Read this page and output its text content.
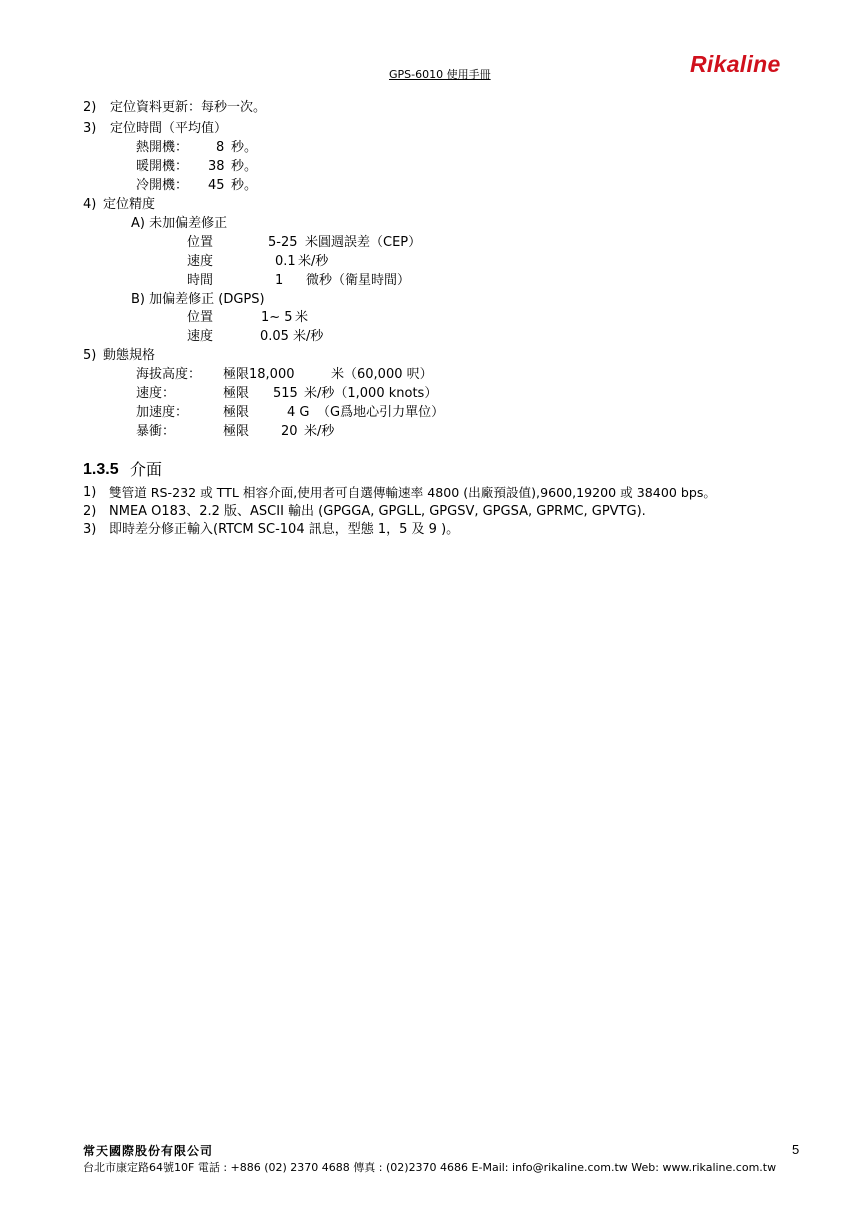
GPS-6010 使用手冊	Rikaline
2) 定位資料更新：每秒一次。
3) 定位時間（平均值）
熱開機： 8 秒。
暖開機： 38 秒。
冷開機： 45 秒。
4) 定位精度
A) 未加偏差修正
位置	5-25 米圓週誤差（CEP）
速度	0.1 米/秒
時間	1 微秒（衛星時間）
B) 加偏差修正 (DGPS)
位置	1~ 5 米
速度	0.05 米/秒
5) 動態規格
海拔高度： 極限18,000	米（60,000 呎）
速度：	極限 515 米/秒（1,000 knots）
加速度：	極限	4 G （G爲地心引力單位）
暴衝：	極限 20 米/秒
1.3.5 介面
1) 雙管道 RS-232 或 TTL 相容介面,使用者可自選傳輸速率 4800 (出廠預設值),9600,19200 或 38400 bps。
2) NMEA O183、2.2 版、ASCII 輸出 (GPGGA, GPGLL, GPGSV, GPGSA, GPRMC, GPVTG).
3) 即時差分修正輸入(RTCM SC-104 訊息，型態 1，5 及 9 )。
常天國際股份有限公司
台北市康定路64號10F 電話 : +886 (02) 2370 4688 傳真 : (02)2370 4686 E-Mail: info@rikaline.com.tw Web: www.rikaline.com.tw
5
